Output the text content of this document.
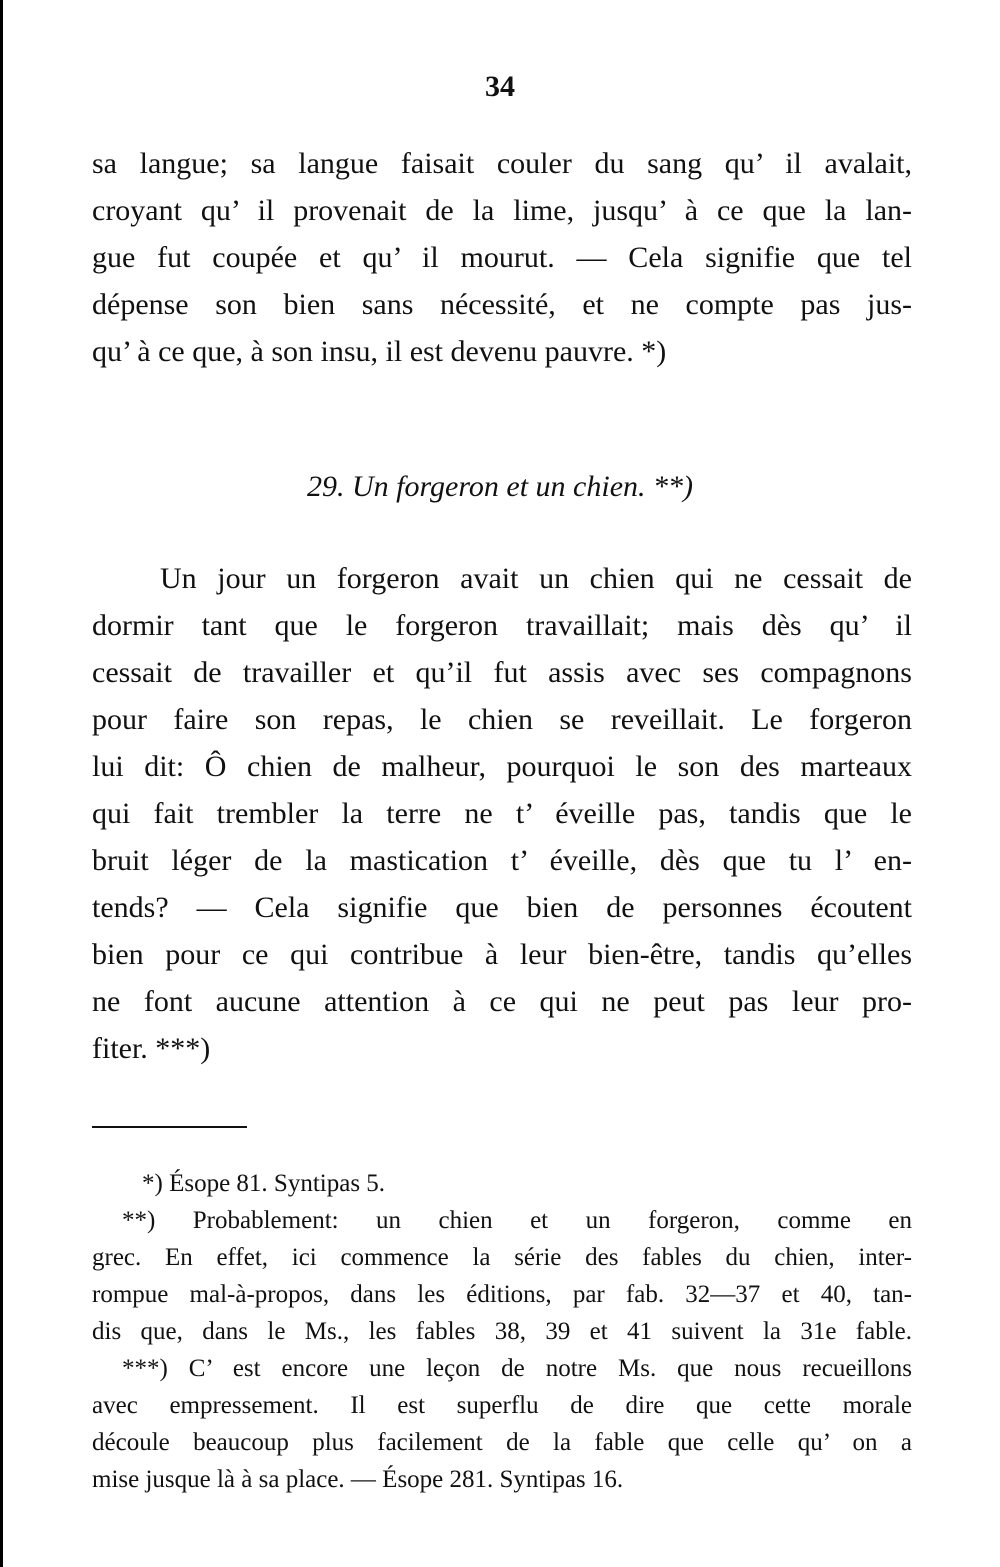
34
sa langue; sa langue faisait couler du sang qu’ il avalait,
croyant qu’ il provenait de la lime, jusqu’ à ce que la lan-
gue fut coupée et qu’ il mourut. — Cela signifie que tel
dépense son bien sans nécessité, et ne compte pas jus-
qu’ à ce que, à son insu, il est devenu pauvre. *)
29. Un forgeron et un chien. **)
Un jour un forgeron avait un chien qui ne cessait de
dormir tant que le forgeron travaillait; mais dès qu’ il
cessait de travailler et qu’il fut assis avec ses compagnons
pour faire son repas, le chien se reveillait. Le forgeron
lui dit: Ô chien de malheur, pourquoi le son des marteaux
qui fait trembler la terre ne t’ éveille pas, tandis que le
bruit léger de la mastication t’ éveille, dès que tu l’ en-
tends? — Cela signifie que bien de personnes écoutent
bien pour ce qui contribue à leur bien-être, tandis qu’elles
ne font aucune attention à ce qui ne peut pas leur pro-
fiter. ***)
*) Ésope 81. Syntipas 5.
**) Probablement: un chien et un forgeron, comme en
grec. En effet, ici commence la série des fables du chien, inter-
rompue mal-à-propos, dans les éditions, par fab. 32—37 et 40, tan-
dis que, dans le Ms., les fables 38, 39 et 41 suivent la 31e fable.
***) C’ est encore une leçon de notre Ms. que nous recueillons
avec empressement. Il est superflu de dire que cette morale
découle beaucoup plus facilement de la fable que celle qu’ on a
mise jusque là à sa place. — Ésope 281. Syntipas 16.
